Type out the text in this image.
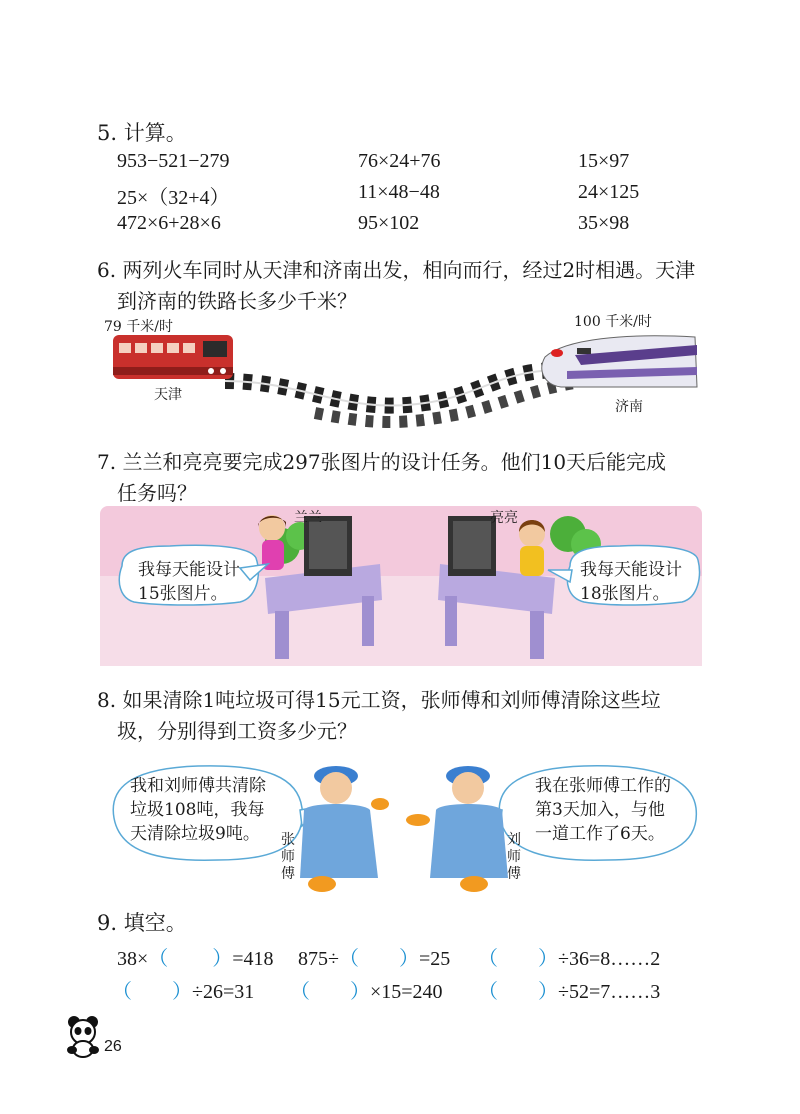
5. 计算。
953−521−279	76×24+76	15×97
25×（32+4）	11×48−48	24×125
472×6+28×6	95×102	35×98
6. 两列火车同时从天津和济南出发，相向而行，经过2时相遇。天津
到济南的铁路长多少千米？
79 千米/时	100 千米/时
天津
济南
7. 兰兰和亮亮要完成297张图片的设计任务。他们10天后能完成
任务吗？
兰兰	亮亮
我每天能设计
15张图片。
我每天能设计
18张图片。
8. 如果清除1吨垃圾可得15元工资，张师傅和刘师傅清除这些垃
圾，分别得到工资多少元？
我和刘师傅共清除
垃圾108吨，我每
天清除垃圾9吨。
我在张师傅工作的
第3天加入，与他
一道工作了6天。
张
师
傅
刘
师
傅
9. 填空。
38×（ ）=418 875÷（ ）=25 （ ）÷36=8……2
（ ）÷26=31 （ ）×15=240 （ ）÷52=7……3
26
